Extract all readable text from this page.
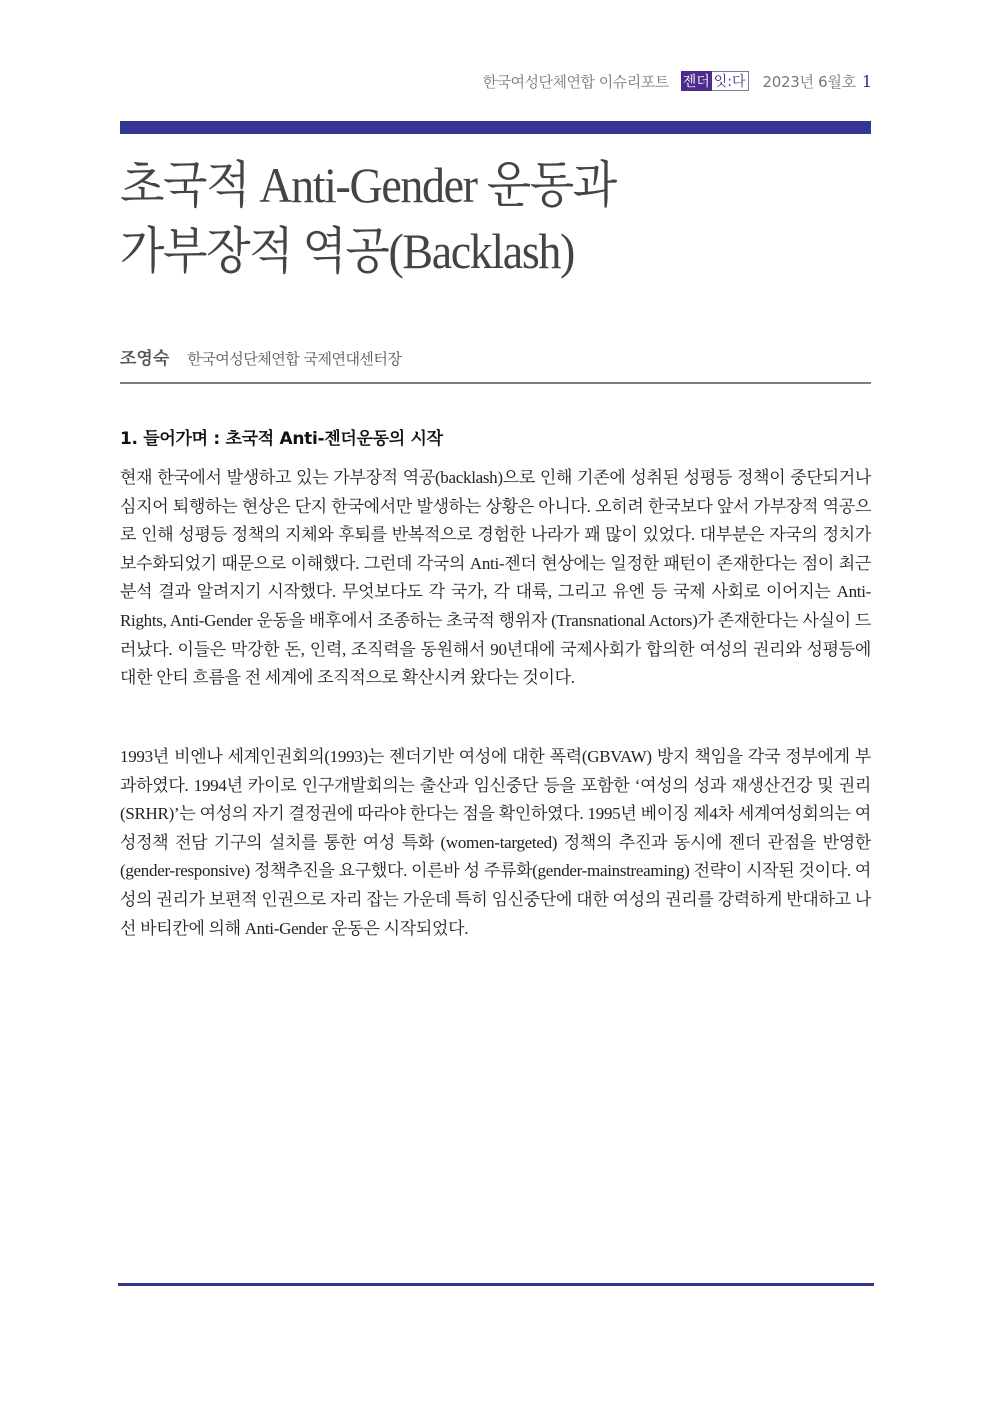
한국여성단체연합 이슈리포트 젠더 잇:다 2023년 6월호 1
초국적 Anti-Gender 운동과
가부장적 역공(Backlash)
조영숙 한국여성단체연합 국제연대센터장
1. 들어가며 : 초국적 Anti-젠더운동의 시작

현재 한국에서 발생하고 있는 가부장적 역공(backlash)으로 인해 기존에 성취된 성평등 정책이 중단되거나 심지어 퇴행하는 현상은 단지 한국에서만 발생하는 상황은 아니다. 오히려 한국보다 앞서 가부장적 역공으로 인해 성평등 정책의 지체와 후퇴를 반복적으로 경험한 나라가 꽤 많이 있었다. 대부분은 자국의 정치가 보수화되었기 때문으로 이해했다. 그런데 각국의 Anti-젠더 현상에는 일정한 패턴이 존재한다는 점이 최근 분석 결과 알려지기 시작했다. 무엇보다도 각 국가, 각 대륙, 그리고 유엔 등 국제 사회로 이어지는 Anti-Rights, Anti-Gender 운동을 배후에서 조종하는 초국적 행위자 (Transnational Actors)가 존재한다는 사실이 드러났다. 이들은 막강한 돈, 인력, 조직력을 동원해서 90년대에 국제사회가 합의한 여성의 권리와 성평등에 대한 안티 흐름을 전 세계에 조직적으로 확산시켜 왔다는 것이다.

1993년 비엔나 세계인권회의(1993)는 젠더기반 여성에 대한 폭력(GBVAW) 방지 책임을 각국 정부에게 부과하였다. 1994년 카이로 인구개발회의는 출산과 임신중단 등을 포함한 ‘여성의 성과 재생산건강 및 권리(SRHR)’는 여성의 자기 결정권에 따라야 한다는 점을 확인하였다. 1995년 베이징 제4차 세계여성회의는 여성정책 전담 기구의 설치를 통한 여성 특화 (women-targeted) 정책의 추진과 동시에 젠더 관점을 반영한(gender-responsive) 정책추진을 요구했다. 이른바 성 주류화(gender-mainstreaming) 전략이 시작된 것이다. 여성의 권리가 보편적 인권으로 자리 잡는 가운데 특히 임신중단에 대한 여성의 권리를 강력하게 반대하고 나선 바티칸에 의해 Anti-Gender 운동은 시작되었다.
